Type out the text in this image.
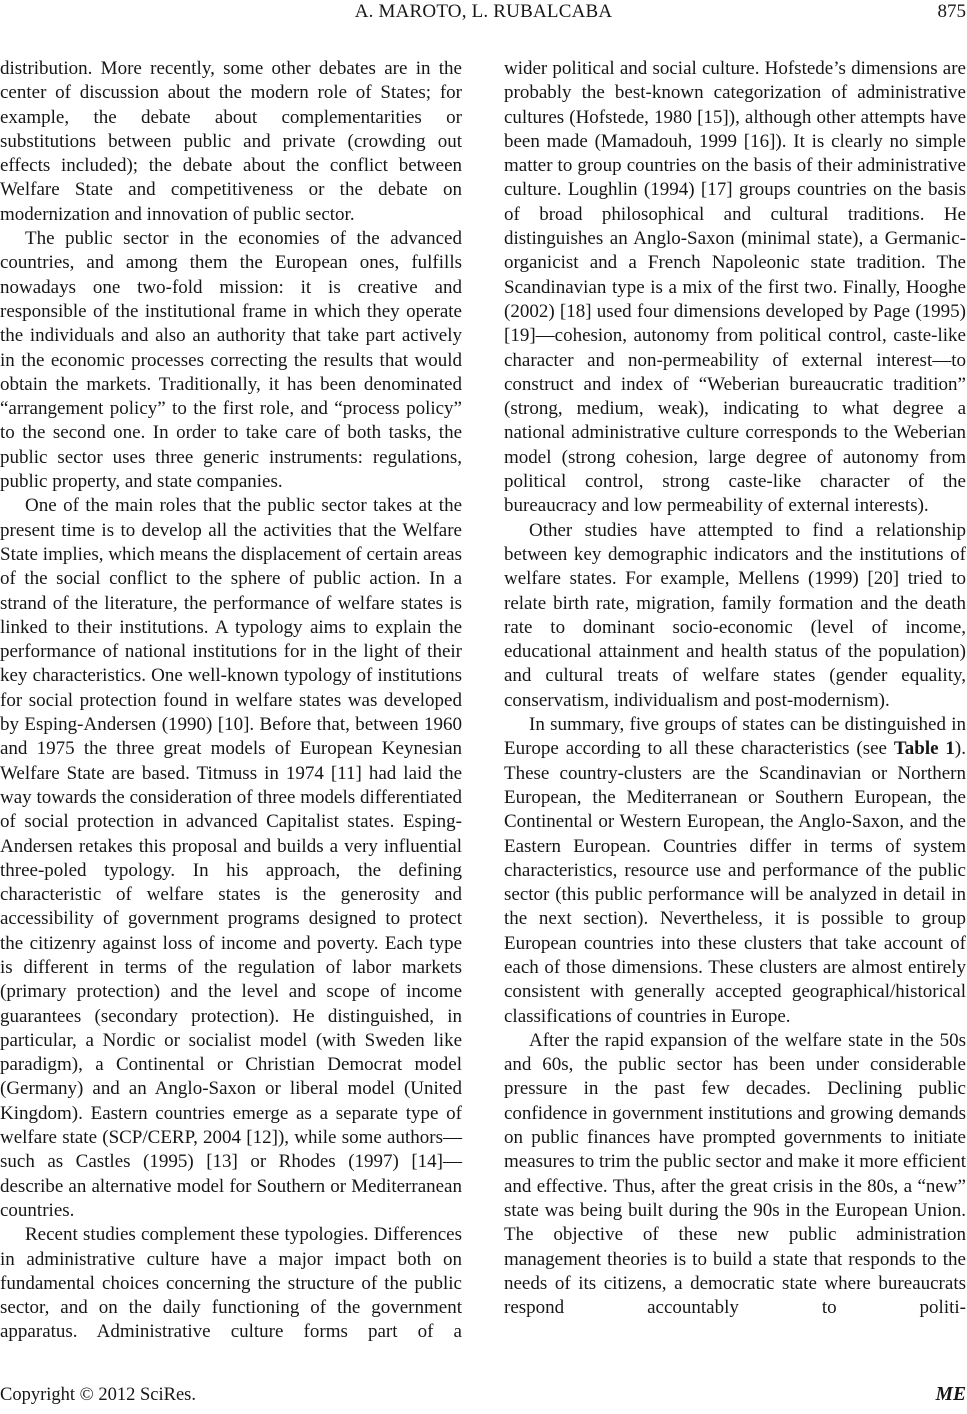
A. MAROTO, L. RUBALCABA	875

distribution. More recently, some other debates are in the center of discussion about the modern role of States; for example, the debate about complementarities or substitutions between public and private (crowding out effects included); the debate about the conflict between Welfare State and competitiveness or the debate on modernization and innovation of public sector.

The public sector in the economies of the advanced countries, and among them the European ones, fulfills nowadays one two-fold mission: it is creative and responsible of the institutional frame in which they operate the individuals and also an authority that take part actively in the economic processes correcting the results that would obtain the markets. Traditionally, it has been denominated “arrangement policy” to the first role, and “process policy” to the second one. In order to take care of both tasks, the public sector uses three generic instruments: regulations, public property, and state companies.

One of the main roles that the public sector takes at the present time is to develop all the activities that the Welfare State implies, which means the displacement of certain areas of the social conflict to the sphere of public action. In a strand of the literature, the performance of welfare states is linked to their institutions. A typology aims to explain the performance of national institutions for in the light of their key characteristics. One well-known typology of institutions for social protection found in welfare states was developed by Esping-Andersen (1990) [10]. Before that, between 1960 and 1975 the three great models of European Keynesian Welfare State are based. Titmuss in 1974 [11] had laid the way towards the consideration of three models differentiated of social protection in advanced Capitalist states. Esping-Andersen retakes this proposal and builds a very influential three-poled typology. In his approach, the defining characteristic of welfare states is the generosity and accessibility of government programs designed to protect the citizenry against loss of income and poverty. Each type is different in terms of the regulation of labor markets (primary protection) and the level and scope of income guarantees (secondary protection). He distinguished, in particular, a Nordic or socialist model (with Sweden like paradigm), a Continental or Christian Democrat model (Germany) and an Anglo-Saxon or liberal model (United Kingdom). Eastern countries emerge as a separate type of welfare state (SCP/CERP, 2004 [12]), while some authors—such as Castles (1995) [13] or Rhodes (1997) [14]—describe an alternative model for Southern or Mediterranean countries.

Recent studies complement these typologies. Differences in administrative culture have a major impact both on fundamental choices concerning the structure of the public sector, and on the daily functioning of the government apparatus. Administrative culture forms part of a

wider political and social culture. Hofstede’s dimensions are probably the best-known categorization of administrative cultures (Hofstede, 1980 [15]), although other attempts have been made (Mamadouh, 1999 [16]). It is clearly no simple matter to group countries on the basis of their administrative culture. Loughlin (1994) [17] groups countries on the basis of broad philosophical and cultural traditions. He distinguishes an Anglo-Saxon (minimal state), a Germanic-organicist and a French Napoleonic state tradition. The Scandinavian type is a mix of the first two. Finally, Hooghe (2002) [18] used four dimensions developed by Page (1995) [19]—cohesion, autonomy from political control, caste-like character and non-permeability of external interest—to construct and index of “Weberian bureaucratic tradition” (strong, medium, weak), indicating to what degree a national administrative culture corresponds to the Weberian model (strong cohesion, large degree of autonomy from political control, strong caste-like character of the bureaucracy and low permeability of external interests).

Other studies have attempted to find a relationship between key demographic indicators and the institutions of welfare states. For example, Mellens (1999) [20] tried to relate birth rate, migration, family formation and the death rate to dominant socio-economic (level of income, educational attainment and health status of the population) and cultural treats of welfare states (gender equality, conservatism, individualism and post-modernism).

In summary, five groups of states can be distinguished in Europe according to all these characteristics (see Table 1). These country-clusters are the Scandinavian or Northern European, the Mediterranean or Southern European, the Continental or Western European, the Anglo-Saxon, and the Eastern European. Countries differ in terms of system characteristics, resource use and performance of the public sector (this public performance will be analyzed in detail in the next section). Nevertheless, it is possible to group European countries into these clusters that take account of each of those dimensions. These clusters are almost entirely consistent with generally accepted geographical/historical classifications of countries in Europe.

After the rapid expansion of the welfare state in the 50s and 60s, the public sector has been under considerable pressure in the past few decades. Declining public confidence in government institutions and growing demands on public finances have prompted governments to initiate measures to trim the public sector and make it more efficient and effective. Thus, after the great crisis in the 80s, a “new” state was being built during the 90s in the European Union. The objective of these new public administration management theories is to build a state that responds to the needs of its citizens, a democratic state where bureaucrats respond accountably to politi-

Copyright © 2012 SciRes.	ME
